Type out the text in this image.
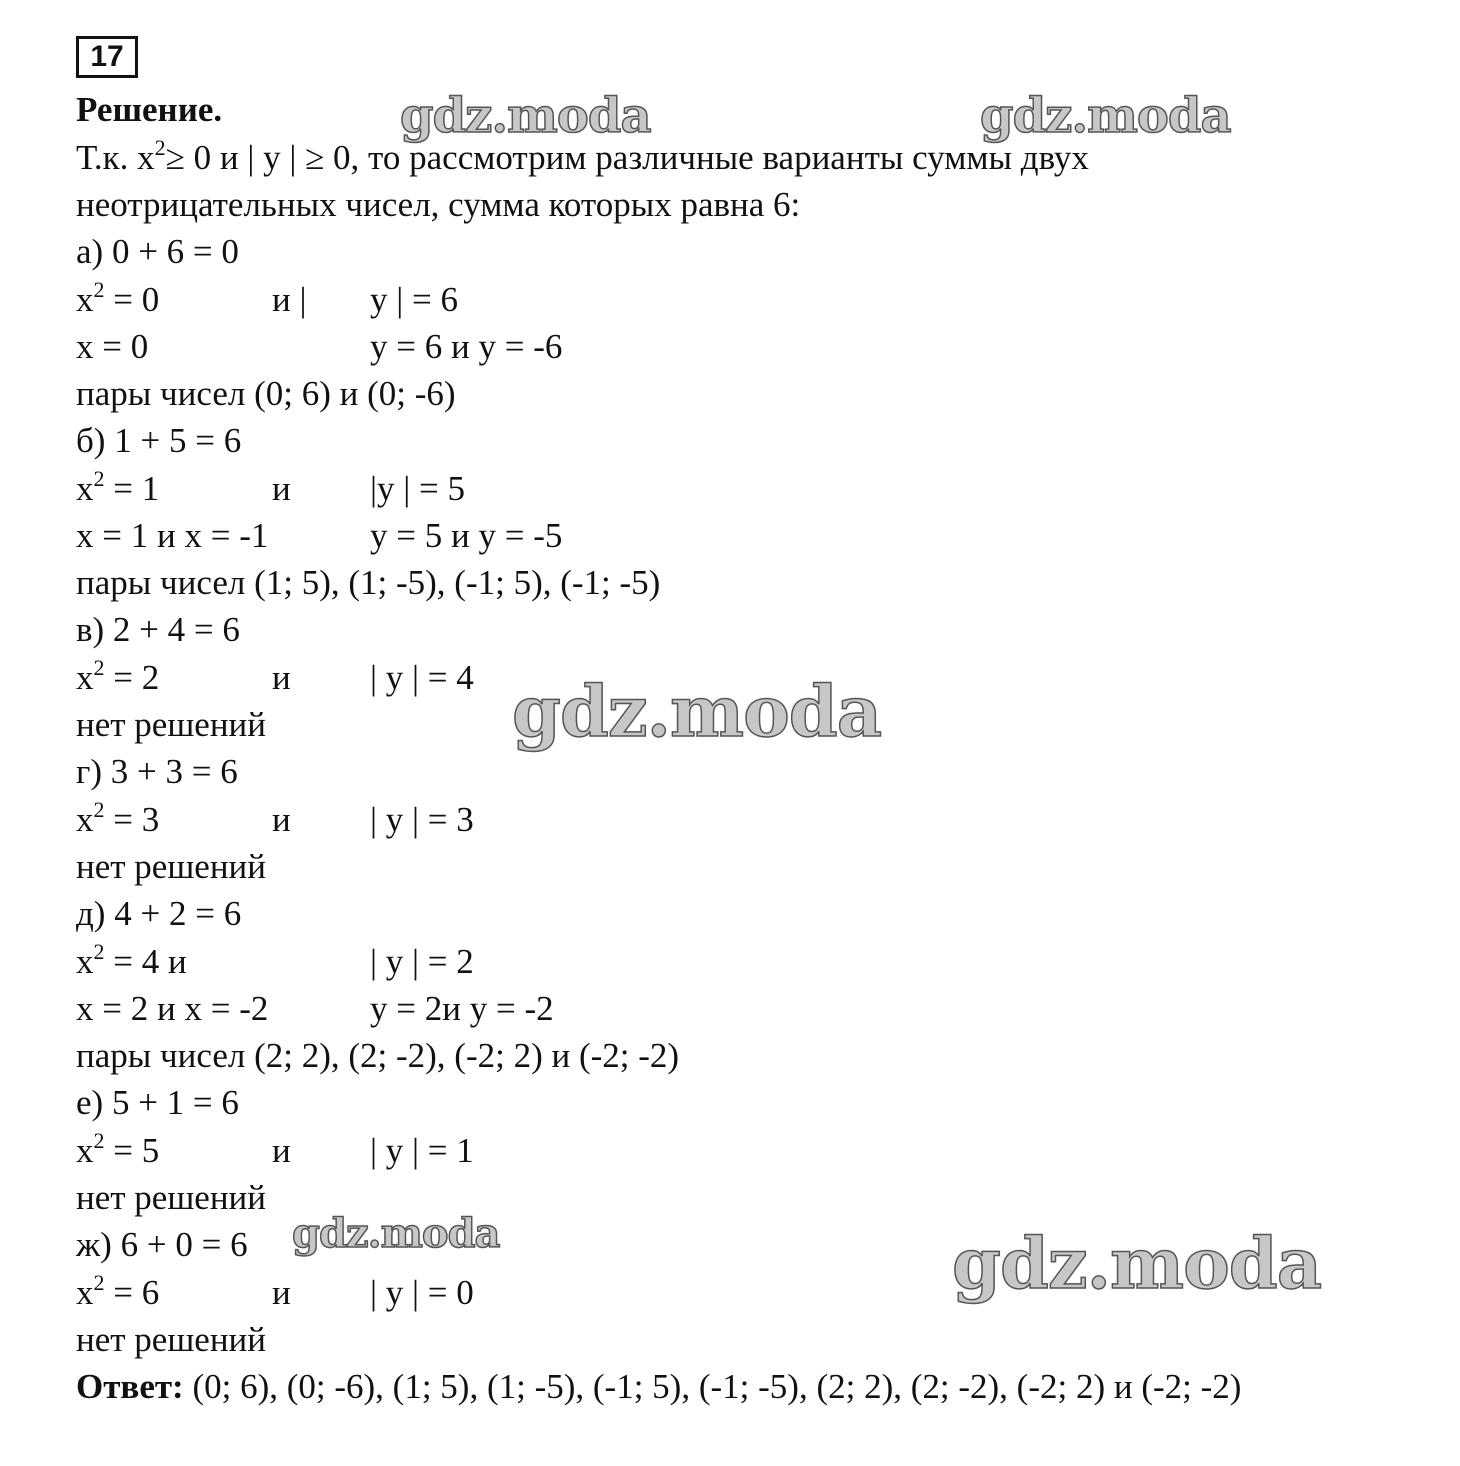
17
Решение.
Т.к. $x^2\ge 0$ и | y | ≥ 0, то рассмотрим различные варианты суммы двух
неотрицательных чисел, сумма которых равна 6:
а) 0 + 6 = 0
$x^2 = 0$	и | y | = 6
x = 0	y = 6 и y = -6
пары чисел (0; 6) и (0; -6)
б) 1 + 5 = 6
$x^2 = 1$	и |y | = 5
x = 1 и x = -1	y = 5 и y = -5
пары чисел (1; 5), (1; -5), (-1; 5), (-1; -5)
в) 2 + 4 = 6
$x^2 = 2$	и | y | = 4
нет решений
г) 3 + 3 = 6
$x^2 = 3$	и | y | = 3
нет решений
д) 4 + 2 = 6
$x^2 = 4$ и	| y | = 2
x = 2 и x = -2	y = 2и y = -2
пары чисел (2; 2), (2; -2), (-2; 2) и (-2; -2)
е) 5 + 1 = 6
$x^2 = 5$	и | y | = 1
нет решений
ж) 6 + 0 = 6
$x^2 = 6$	и | y | = 0
нет решений
Ответ: (0; 6), (0; -6), (1; 5), (1; -5), (-1; 5), (-1; -5), (2; 2), (2; -2), (-2; 2) и (-2; -2)
gdz.moda	gdz.moda
gdz.moda
gdz.moda	gdz.moda
